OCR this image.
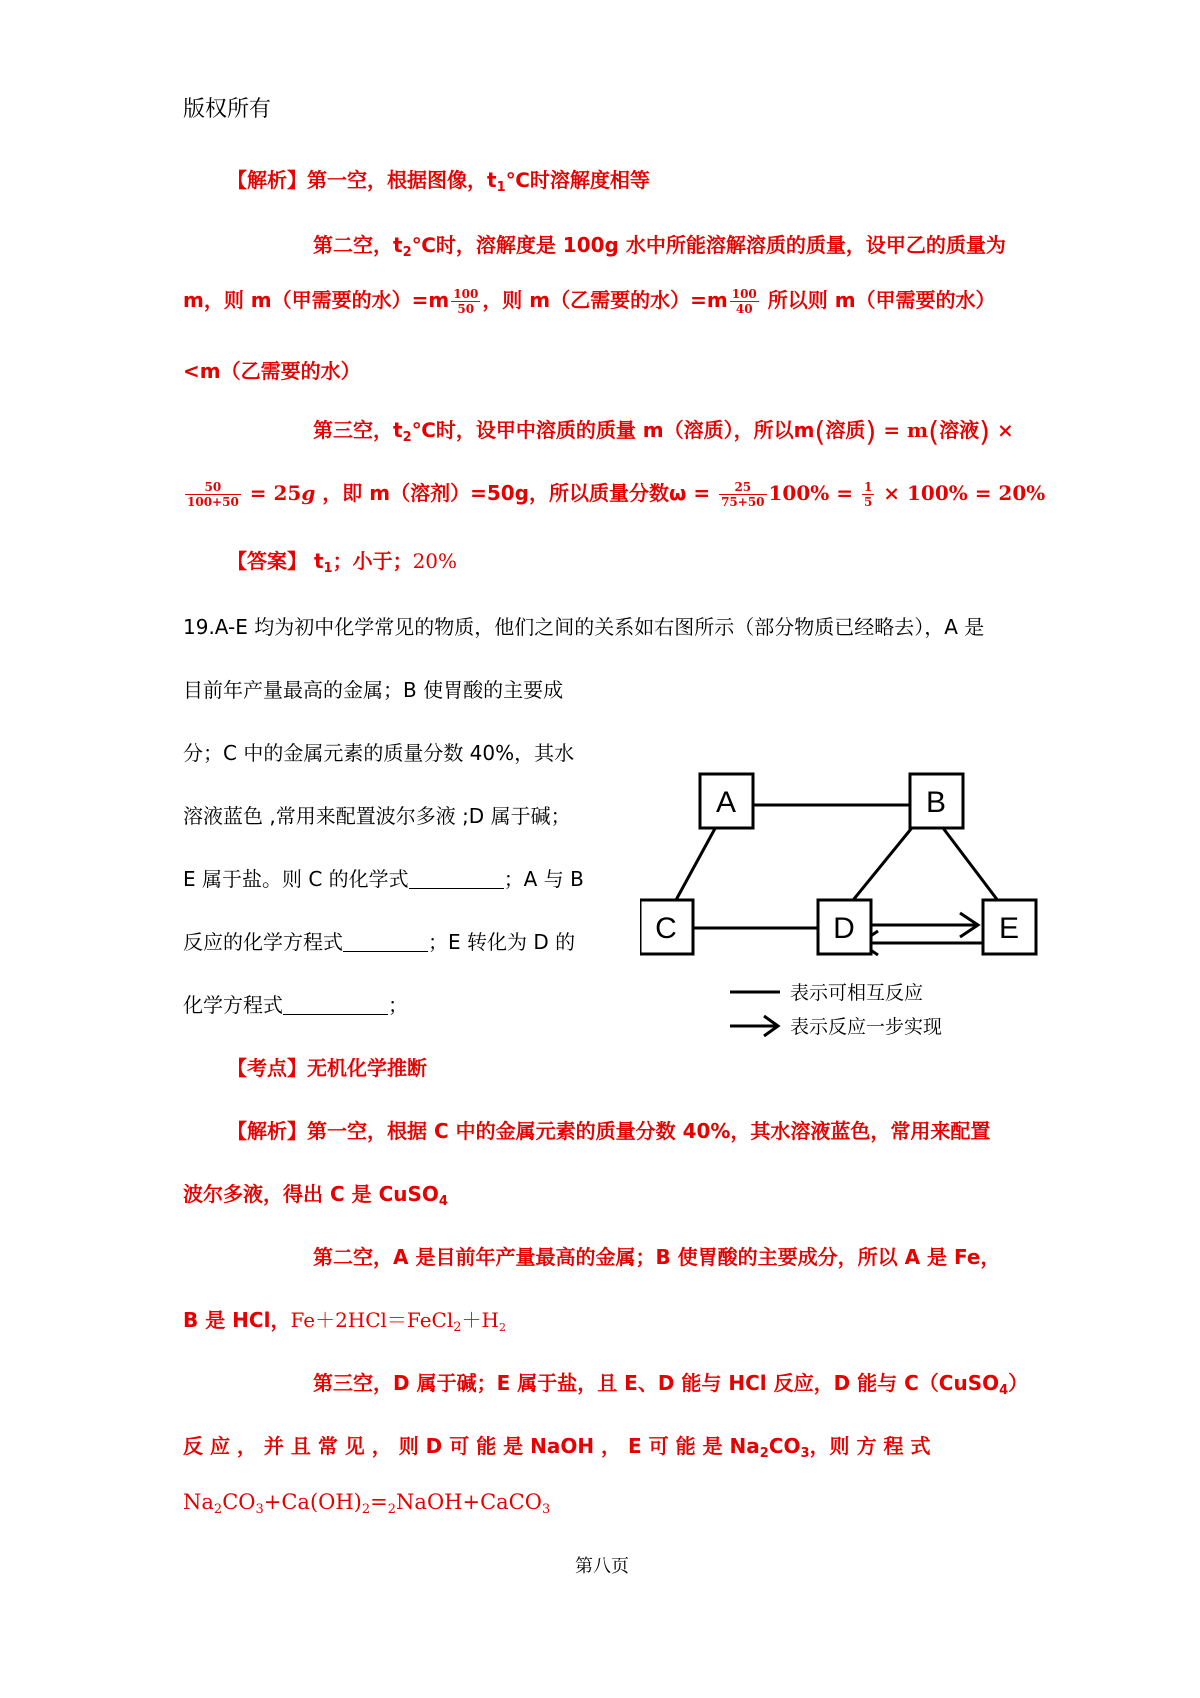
版权所有
【解析】第一空，根据图像，$t_1℃$时溶解度相等
第二空，$t_2℃$时，溶解度是 100g 水中所能溶解溶质的质量，设甲乙的质量为
m，则 m（甲需要的水）$=m \frac{100}{50}$ ，则 m（乙需要的水）$=m \frac{100}{40}$ 所以则 m（甲需要的水）
<m（乙需要的水）
第三空，$t_2℃$时，设甲中溶质的质量 m（溶质），所以m(溶质) = m(溶液) ×
$\frac{50}{100+50} = 25g$ ，即 m（溶剂）=50g，所以质量分数$\omega = \frac{25}{75+50} 100\% = \frac{1}{5} \times 100\% = 20\%$
【答案】 $t_1$；小于；20%
19.A-E 均为初中化学常见的物质，他们之间的关系如右图所示（部分物质已经略去），A 是
目前年产量最高的金属；B 使胃酸的主要成
分；C 中的金属元素的质量分数 40%，其水
溶液蓝色 ,常用来配置波尔多液 ;D 属于碱；
E 属于盐。则 C 的化学式	；A 与 B
反应的化学方程式	；E 转化为 D 的
化学方程式	；
A	B
C	D	E
表示可相互反应
表示反应一步实现
【考点】无机化学推断
【解析】第一空，根据 C 中的金属元素的质量分数 40%，其水溶液蓝色，常用来配置
波尔多液，得出 C 是 CuSO$_4$
第二空，A 是目前年产量最高的金属；B 使胃酸的主要成分，所以 A 是 Fe，
B 是 HCl，$Fe+2HCl=FeCl_2+H_2$
第三空，D 属于碱；E 属于盐，且 E、D 能与 HCl 反应，D 能与 C（CuSO$_4$）
反 应 ， 并 且 常 见 ， 则 D 可 能 是 NaOH ， E 可 能 是 $Na_2CO_3$，则 方 程 式
$Na_2CO_3+Ca(OH)_2=_2NaOH+CaCO_3$
第八页
